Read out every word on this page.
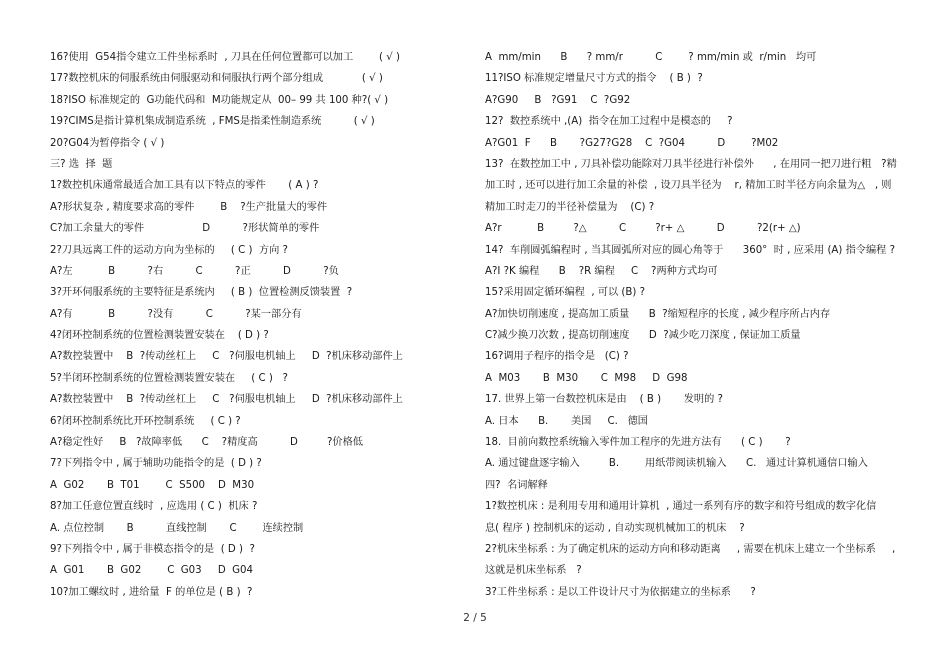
16?使用  G54指令建立工件坐标系时  , 刀具在任何位置都可以加工        ( √ )
17?数控机床的伺服系统由伺服驱动和伺服执行两个部分组成            ( √ )
18?ISO 标准规定的  G功能代码和  M功能规定从  00– 99 共 100 种?( √ )
19?CIMS是指计算机集成制造系统  , FMS是指柔性制造系统          ( √ )
20?G04为暂停指令 ( √ )
三? 选  择  题
1?数控机床通常最适合加工具有以下特点的零件       ( A ) ?
A?形状复杂 , 精度要求高的零件        B    ?生产批量大的零件
C?加工余量大的零件                  D          ?形状简单的零件
2?刀具远离工件的运动方向为坐标的     ( C )  方向 ?
A?左           B          ?右          C          ?正          D          ?负
3?开环伺服系统的主要特征是系统内     ( B )  位置检测反馈装置  ?
A?有           B          ?没有          C          ?某一部分有
4?闭环控制系统的位置检测装置安装在    ( D ) ?
A?数控装置中    B  ?传动丝杠上     C   ?伺服电机轴上     D  ?机床移动部件上
5?半闭环控制系统的位置检测装置安装在     ( C )   ?
A?数控装置中    B  ?传动丝杠上     C   ?伺服电机轴上     D  ?机床移动部件上
6?闭环控制系统比开环控制系统     ( C ) ?
A?稳定性好     B   ?故障率低      C    ?精度高          D         ?价格低
7?下列指令中 , 属于辅助功能指令的是  ( D ) ?
A  G02       B  T01        C  S500    D  M30
8?加工任意位置直线时  , 应选用 ( C )  机床 ?
A. 点位控制       B          直线控制       C        连续控制
9?下列指令中 , 属于非模态指令的是  ( D )  ?
A  G01       B  G02        C  G03     D  G04
10?加工螺纹时 , 进给量  F 的单位是 ( B )  ?
A  mm/min      B      ? mm/r          C        ? mm/min 或  r/min   均可
11?ISO 标准规定增量尺寸方式的指令    ( B )  ?
A?G90     B   ?G91    C  ?G92
12?  数控系统中 ,(A)  指令在加工过程中是模态的     ?
A?G01  F      B       ?G27?G28    C  ?G04          D        ?M02
13?  在数控加工中 , 刀具补偿功能除对刀具半径进行补偿外      , 在用同一把刀进行粗   ?精
加工时 , 还可以进行加工余量的补偿  , 设刀具半径为    r, 精加工时半径方向余量为△   , 则
精加工时走刀的半径补偿量为    (C) ?
A?r           B         ?△          C         ?r+ △          D          ?2(r+ △)
14?  车削圆弧编程时 , 当其圆弧所对应的圆心角等于      360°  时 , 应采用 (A) 指令编程 ?
A?I ?K 编程      B    ?R 编程     C    ?两种方式均可
15?采用固定循环编程  , 可以 (B) ?
A?加快切削速度 , 提高加工质量      B  ?缩短程序的长度 , 减少程序所占内存
C?减少换刀次数 , 提高切削速度      D  ?减少吃刀深度 , 保证加工质量
16?调用子程序的指令是   (C) ?
A  M03       B  M30       C  M98     D  G98
17. 世界上第一台数控机床是由    ( B )       发明的 ?
A. 日本      B.       美国     C.   德国
18.  目前向数控系统输入零件加工程序的先进方法有      ( C )       ?
A. 通过键盘逐字输入         B.        用纸带阅读机输入      C.   通过计算机通信口输入
四?  名词解释
1?数控机床 : 是利用专用和通用计算机  , 通过一系列有序的数字和符号组成的数字化信
息( 程序 ) 控制机床的运动 , 自动实现机械加工的机床    ?
2?机床坐标系 : 为了确定机床的运动方向和移动距离     , 需要在机床上建立一个坐标系     ,
这就是机床坐标系   ?
3?工件坐标系 : 是以工件设计尺寸为依据建立的坐标系      ?
2 / 5
